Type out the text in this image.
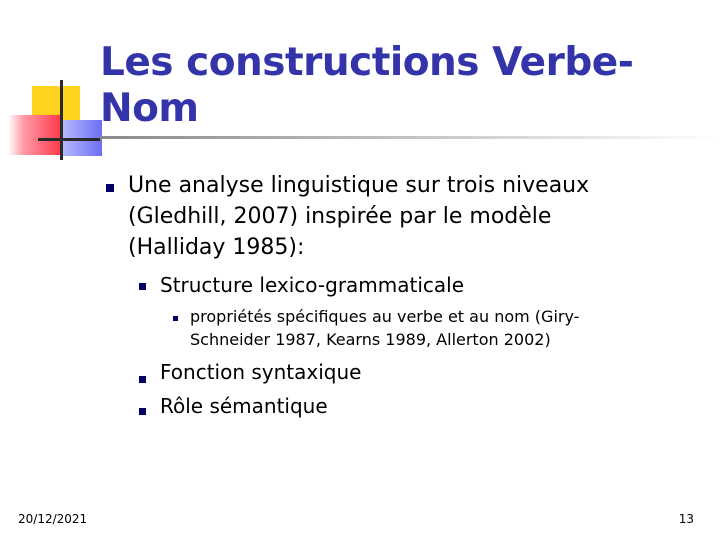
Les constructions Verbe-
Nom
Une analyse linguistique sur trois niveaux
(Gledhill, 2007) inspirée par le modèle
(Halliday 1985):
Structure lexico-grammaticale
propriétés spécifiques au verbe et au nom (Giry-
Schneider 1987, Kearns 1989, Allerton 2002)
Fonction syntaxique
Rôle sémantique
20/12/2021	13
